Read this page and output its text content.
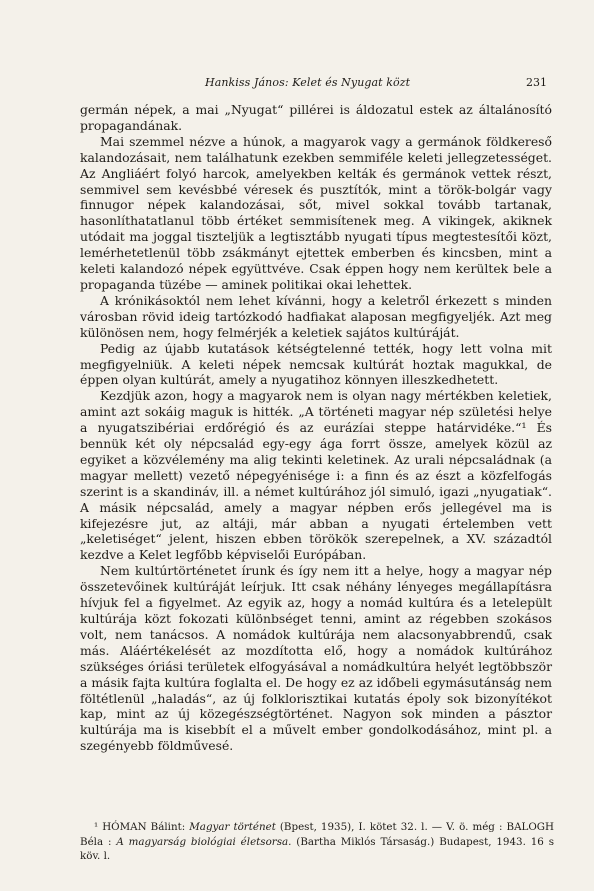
Hankiss János: Kelet és Nyugat közt	231

germán népek, a mai „Nyugat“ pillérei is áldozatul estek az általánosító propagandának.

Mai szemmel nézve a húnok, a magyarok vagy a germánok földkereső kalandozásait, nem találhatunk ezekben semmiféle keleti jellegzetességet. Az Angliáért folyó harcok, amelyekben kelták és germánok vettek részt, semmivel sem kevésbbé véresek és pusztítók, mint a török-bolgár vagy finnugor népek kalandozásai, sőt, mivel sokkal tovább tartanak, hasonlíthatatlanul több értéket semmisítenek meg. A vikingek, akiknek utódait ma joggal tiszteljük a legtisztább nyugati típus megtestesítői közt, lemérhetetlenül több zsákmányt ejtettek emberben és kincsben, mint a keleti kalandozó népek együttvéve. Csak éppen hogy nem kerültek bele a propaganda tüzébe — aminek politikai okai lehettek.

A krónikásoktól nem lehet kívánni, hogy a keletről érkezett s minden városban rövid ideig tartózkodó hadfiakat alaposan megfigyeljék. Azt meg különösen nem, hogy felmérjék a keletiek sajátos kultúráját.

Pedig az újabb kutatások kétségtelenné tették, hogy lett volna mit megfigyelniük. A keleti népek nemcsak kultúrát hoztak magukkal, de éppen olyan kultúrát, amely a nyugatihoz könnyen illeszkedhetett.

Kezdjük azon, hogy a magyarok nem is olyan nagy mértékben keletiek, amint azt sokáig maguk is hitték. „A történeti magyar nép születési helye a nyugatszibériai erdőrégió és az eurázíai steppe határvidéke.“¹ És bennük két oly népcsalád egy-egy ága forrt össze, amelyek közül az egyiket a közvélemény ma alig tekinti keletinek. Az urali népcsaládnak (a magyar mellett) vezető népegyénisége i: a finn és az észt a közfelfogás szerint is a skandináv, ill. a német kultúrához jól simuló, igazi „nyugatiak“. A másik népcsalád, amely a magyar népben erős jellegével ma is kifejezésre jut, az altáji, már abban a nyugati értelemben vett „keletiséget“ jelent, hiszen ebben törökök szerepelnek, a XV. századtól kezdve a Kelet legfőbb képviselői Európában.

Nem kultúrtörténetet írunk és így nem itt a helye, hogy a magyar nép összetevőinek kultúráját leírjuk. Itt csak néhány lényeges megállapításra hívjuk fel a figyelmet. Az egyik az, hogy a nomád kultúra és a letelepült kultúrája közt fokozati különbséget tenni, amint az régebben szokásos volt, nem tanácsos. A nomádok kultúrája nem alacsonyabbrendű, csak más. Aláértékelését az mozdította elő, hogy a nomádok kultúrához szükséges óriási területek elfogyásával a nomádkultúra helyét legtöbbször a másik fajta kultúra foglalta el. De hogy ez az időbeli egymásutánság nem föltétlenül „haladás“, az új folklorisztikai kutatás époly sok bizonyítékot kap, mint az új közegészségtörténet. Nagyon sok minden a pásztor kultúrája ma is kisebbít el a művelt ember gondolkodásához, mint pl. a szegényebb földművesé.

¹ HÓMAN Bálint: Magyar történet (Bpest, 1935), I. kötet 32. l. — V. ö. még : BALOGH Béla : A magyarság biológiai életsorsa. (Bartha Miklós Társaság.) Budapest, 1943. 16 s köv. l.
